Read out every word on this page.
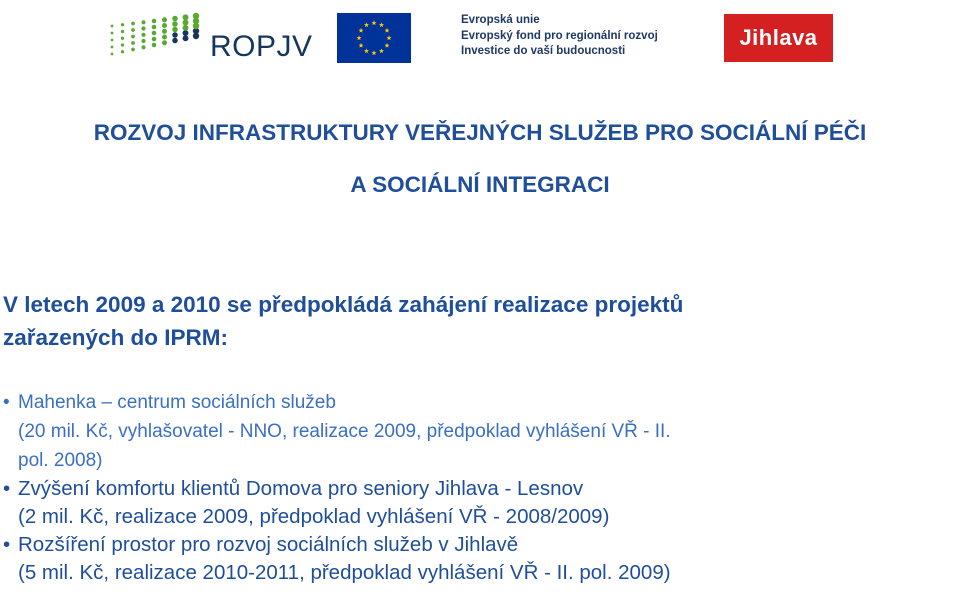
ROPJV
Evropská unie
Evropský fond pro regionální rozvoj
Investice do vaší budoucnosti
Jihlava
ROZVOJ INFRASTRUKTURY VEŘEJNÝCH SLUŽEB PRO SOCIÁLNÍ PÉČI
A SOCIÁLNÍ INTEGRACI
V letech 2009 a 2010 se předpokládá zahájení realizace projektů
zařazených do IPRM:
• Mahenka – centrum sociálních služeb
(20 mil. Kč, vyhlašovatel - NNO, realizace 2009, předpoklad vyhlášení VŘ - II.
pol. 2008)
• Zvýšení komfortu klientů Domova pro seniory Jihlava - Lesnov
(2 mil. Kč, realizace 2009, předpoklad vyhlášení VŘ - 2008/2009)
• Rozšíření prostor pro rozvoj sociálních služeb v Jihlavě
(5 mil. Kč, realizace 2010-2011, předpoklad vyhlášení VŘ - II. pol. 2009)
